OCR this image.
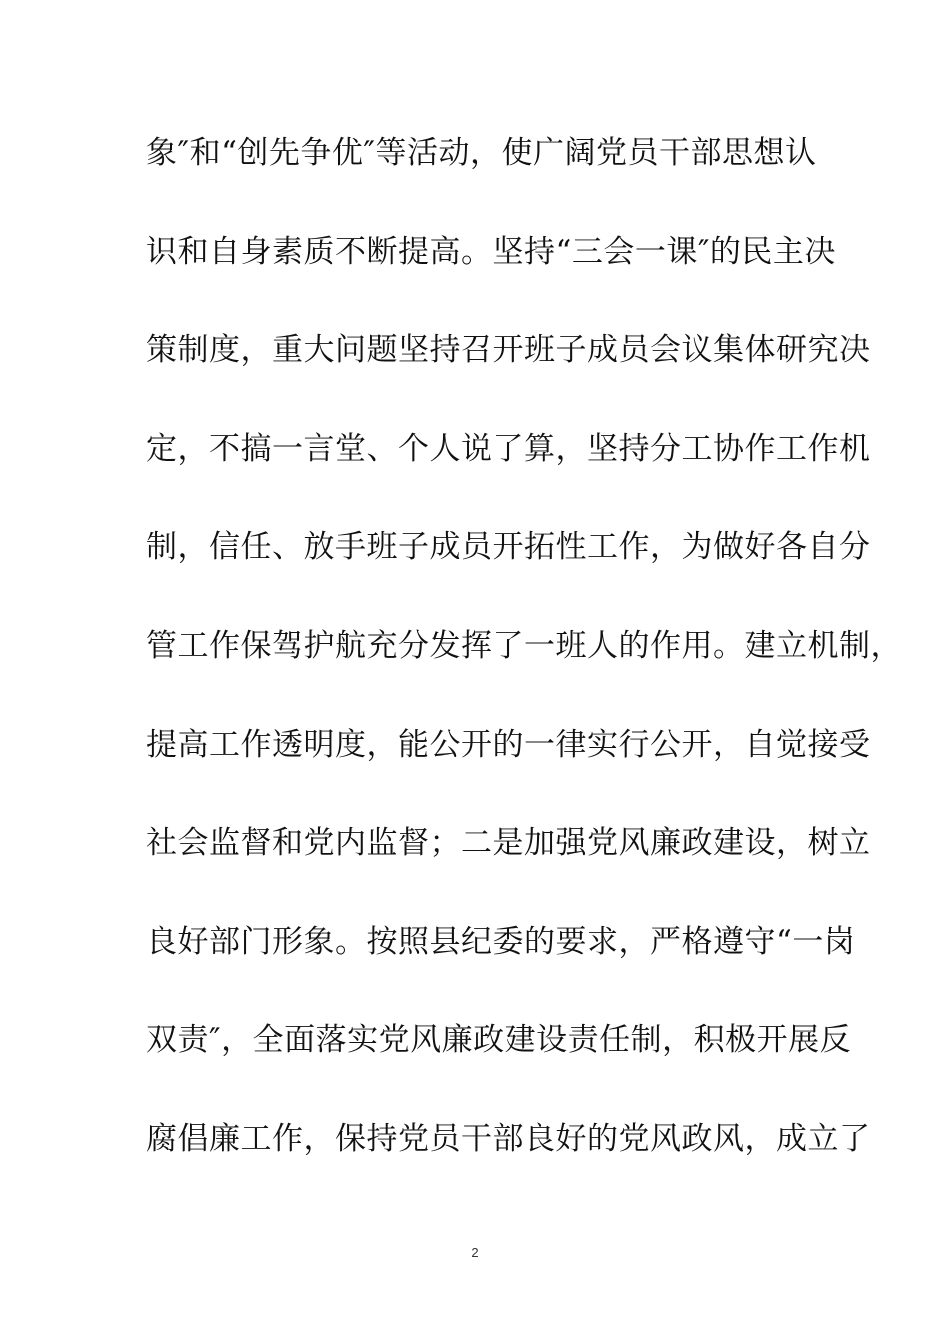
象″和“创先争优″等活动，使广阔党员干部思想认
识和自身素质不断提高。坚持“三会一课″的民主决
策制度，重大问题坚持召开班子成员会议集体研究决
定，不搞一言堂、个人说了算，坚持分工协作工作机
制，信任、放手班子成员开拓性工作，为做好各自分
管工作保驾护航充分发挥了一班人的作用。建立机制，
提高工作透明度，能公开的一律实行公开，自觉接受
社会监督和党内监督；二是加强党风廉政建设，树立
良好部门形象。按照县纪委的要求，严格遵守“一岗
双责″，全面落实党风廉政建设责任制，积极开展反
腐倡廉工作，保持党员干部良好的党风政风，成立了
2
